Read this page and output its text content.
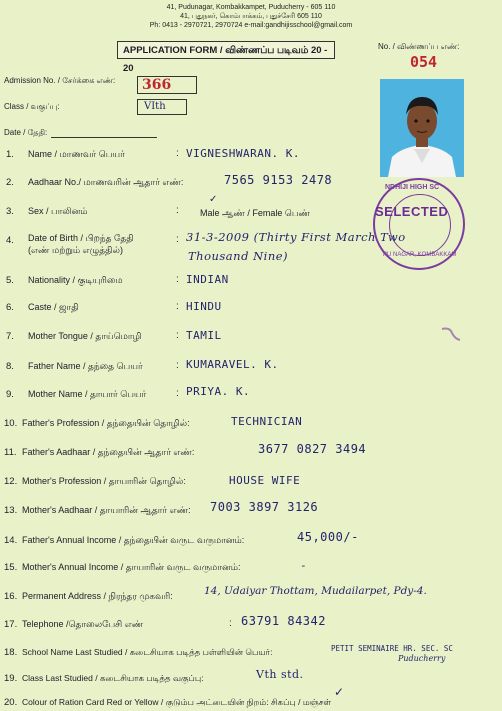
41, Pudunagar, Kombakkampet, Puducherry - 605 110
41, புதுநகர், கொம்பாக்கம், புதுச்சேரி 605 110
Ph: 0413 - 2970721, 2970724 e-mail:gandhijisschool@gmail.com
APPLICATION FORM / விண்ணப்ப படிவம் 20 - 20
No. / விண்ணப்ப எண்:
054
Admission No. / சேர்க்கை எண்: 366
Class / வகுப்பு:	VIth
Date / தேதி:
NDHIJI HIGH SC
PU NAGAR, KOMBAKKAM
SELECTED
1. Name / மாணவர் பெயர்	: VIGNESHWARAN. K.
2. Aadhaar No./ மாணவரின் ஆதார் எண்:	7565 9153 2478
3. Sex / பாலினம்	: Male ஆண் / Female பெண்
✓
4. Date of Birth / பிறந்த தேதி
(எண் மற்றும் எழுத்தில்)
: 31-3-2009 (Thirty First March Two
Thousand Nine)
5. Nationality / குடியுரிமை	: INDIAN
6. Caste / ஜாதி	: HINDU
7. Mother Tongue / தாய்மொழி	: TAMIL
8. Father Name / தந்தை பெயர்	: KUMARAVEL. K.
9. Mother Name / தாயார் பெயர்	: PRIYA. K.
10. Father's Profession / தந்தையின் தொழில்:	TECHNICIAN
11. Father's Aadhaar / தந்தையின் ஆதார் எண்:	3677 0827 3494
12. Mother's Profession / தாயாரின் தொழில்:	HOUSE WIFE
13. Mother's Aadhaar / தாயாரின் ஆதார் எண்: 7003 3897 3126
14. Father's Annual Income / தந்தையின் வருட வருமானம்:	45,000/-
15. Mother's Annual Income / தாயாரின் வருட வருமானம்:	-
16. Permanent Address / நிரந்தர முகவரி:	14, Udaiyar Thottam, Mudailarpet, Pdy-4.
17. Telephone /தொலைபேசி எண்	: 63791 84342
18. School Name Last Studied / கடைசியாக படித்த பள்ளியின் பெயர்:	PETIT SEMINAIRE HR. SEC. SC
Puducherry
19. Class Last Studied / கடைசியாக படித்த வகுப்பு:	Vth std.
20. Colour of Ration Card Red or Yellow / குடும்ப அட்டையின் நிறம்: சிகப்பு / மஞ்சள்
✓
